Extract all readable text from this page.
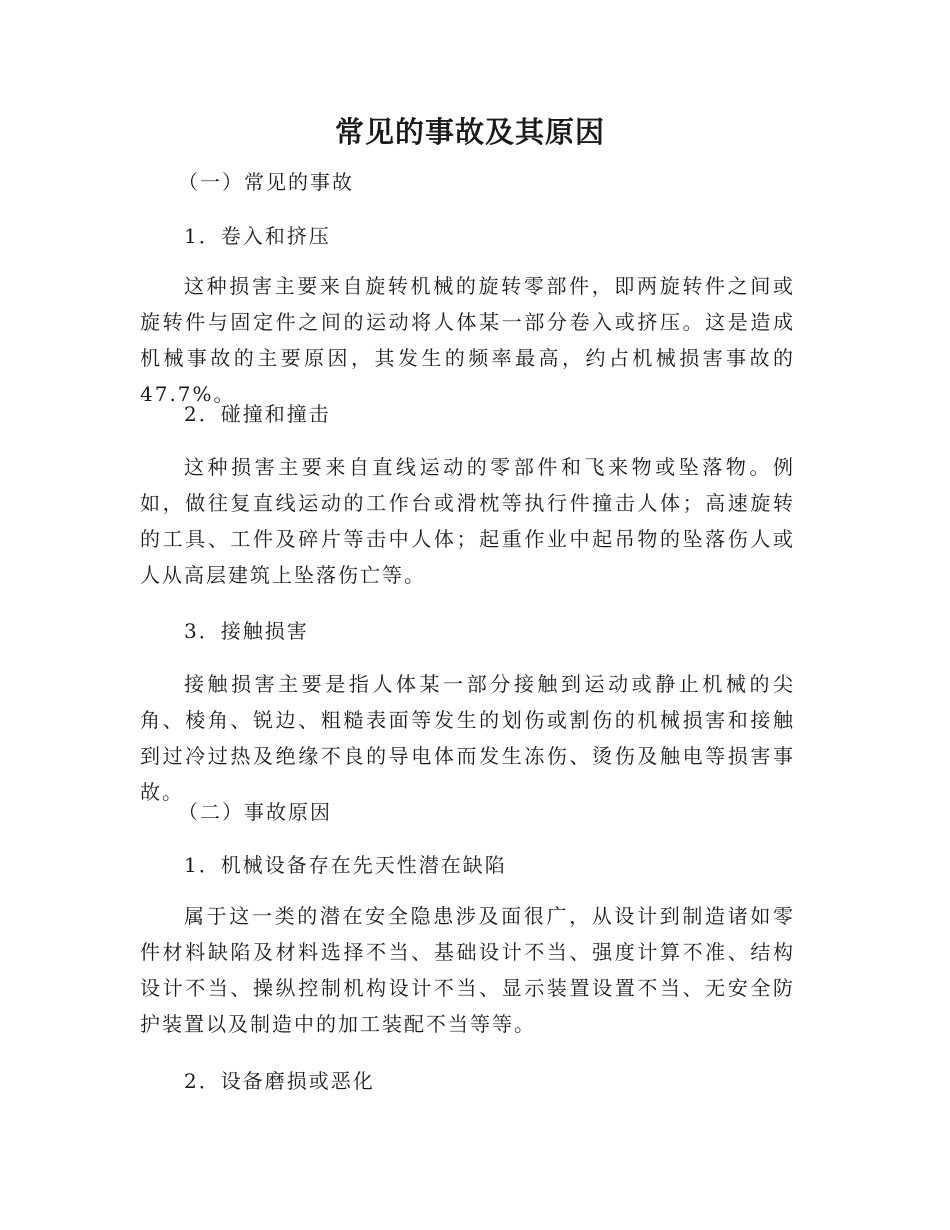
常见的事故及其原因

（一）常见的事故

1．卷入和挤压

这种损害主要来自旋转机械的旋转零部件，即两旋转件之间或旋转件与固定件之间的运动将人体某一部分卷入或挤压。这是造成机械事故的主要原因，其发生的频率最高，约占机械损害事故的47.7%。

2．碰撞和撞击

这种损害主要来自直线运动的零部件和飞来物或坠落物。例如，做往复直线运动的工作台或滑枕等执行件撞击人体；高速旋转的工具、工件及碎片等击中人体；起重作业中起吊物的坠落伤人或人从高层建筑上坠落伤亡等。

3．接触损害

接触损害主要是指人体某一部分接触到运动或静止机械的尖角、棱角、锐边、粗糙表面等发生的划伤或割伤的机械损害和接触到过冷过热及绝缘不良的导电体而发生冻伤、烫伤及触电等损害事故。

（二）事故原因

1．机械设备存在先天性潜在缺陷

属于这一类的潜在安全隐患涉及面很广，从设计到制造诸如零件材料缺陷及材料选择不当、基础设计不当、强度计算不准、结构设计不当、操纵控制机构设计不当、显示装置设置不当、无安全防护装置以及制造中的加工装配不当等等。

2．设备磨损或恶化
